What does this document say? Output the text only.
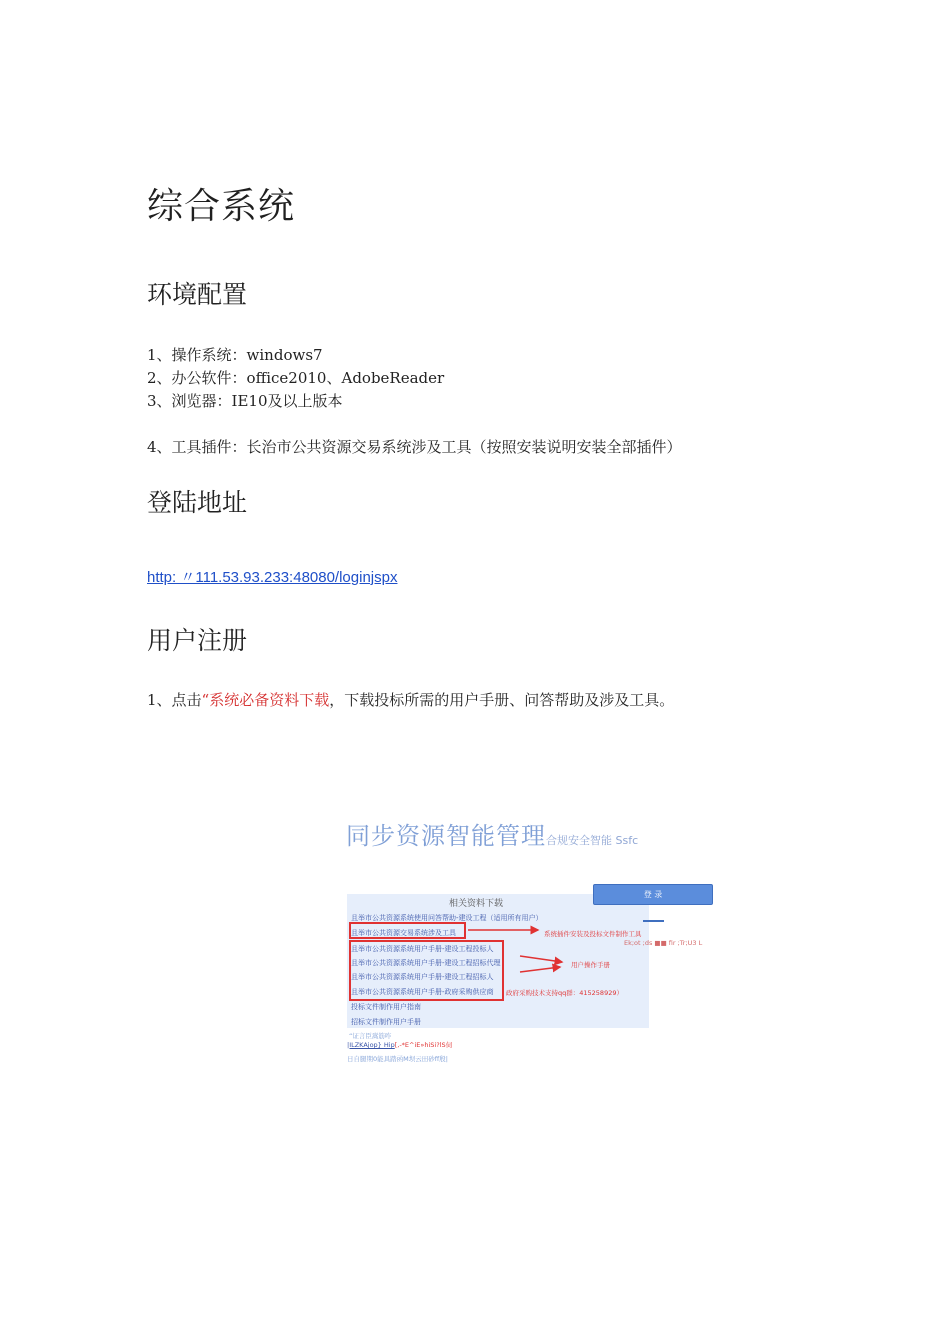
综合系统
环境配置
1、操作系统：windows7
2、办公软件：office2010、AdobeReader
3、浏览器：IE10及以上版本
4、工具插件：长治市公共资源交易系统涉及工具（按照安装说明安装全部插件）
登陆地址
http: 〃111.53.93.233:48080/loginjspx
用户注册
1、点击“系统必备资料下载，下载投标所需的用户手册、问答帮助及涉及工具。
同步资源智能管理合规安全智能 Ssfc
相关资料下载
且举市公共资源系统使用问答帮助-建设工程（适用所有用户）
且举市公共资源交易系统涉及工具
且举市公共资源系统用户手册-建设工程投标人
且举市公共资源系统用户手册-建设工程招标代理
且举市公共资源系统用户手册-建设工程招标人
且举市公共资源系统用户手册-政府采购供应商
投标文件制作用户指南
招标文件制作用户手册
系统插件安装及投标文件制作工具
用户操作手册
政府采购技术支持qq群：415258929）
登 录
Ek;ot ;ds ■■ fir ;Tr;U3 L
“证言臣嵩筋咋
|ILZKAjop} Hip[,-*E^iE»hiSi?lS伺
日自腿期0能具踏函M坝云田砂ff殷|
